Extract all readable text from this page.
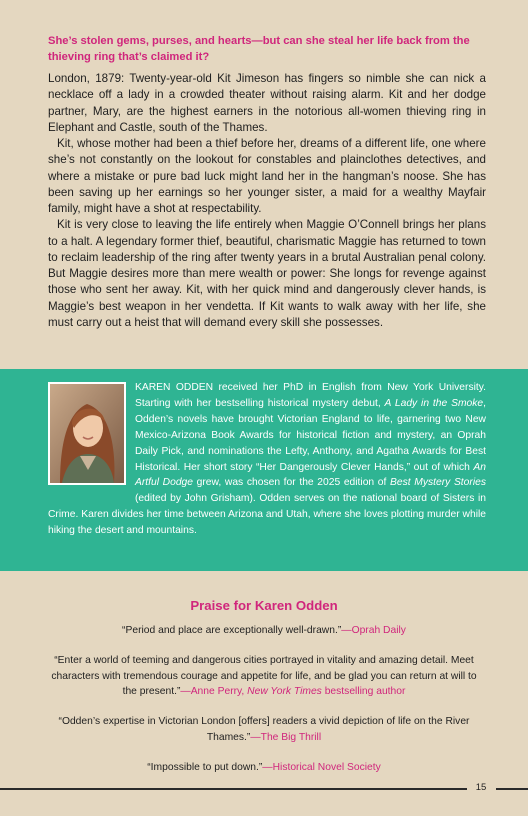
She’s stolen gems, purses, and hearts—but can she steal her life back from the thieving ring that’s claimed it?

London, 1879: Twenty-year-old Kit Jimeson has fingers so nimble she can nick a necklace off a lady in a crowded theater without raising alarm. Kit and her dodge partner, Mary, are the highest earners in the notorious all-women thieving ring in Elephant and Castle, south of the Thames.

Kit, whose mother had been a thief before her, dreams of a different life, one where she’s not constantly on the lookout for constables and plainclothes detectives, and where a mistake or pure bad luck might land her in the hangman’s noose. She has been saving up her earnings so her younger sister, a maid for a wealthy Mayfair family, might have a shot at respectability.

Kit is very close to leaving the life entirely when Maggie O’Connell brings her plans to a halt. A legendary former thief, beautiful, charismatic Maggie has returned to town to reclaim leadership of the ring after twenty years in a brutal Australian penal colony. But Maggie desires more than mere wealth or power: She longs for revenge against those who sent her away. Kit, with her quick mind and dangerously clever hands, is Maggie’s best weapon in her vendetta. If Kit wants to walk away with her life, she must carry out a heist that will demand every skill she possesses.

KAREN ODDEN received her PhD in English from New York University. Starting with her bestselling historical mystery debut, A Lady in the Smoke, Odden’s novels have brought Victorian England to life, garnering two New Mexico-Arizona Book Awards for historical fiction and mystery, an Oprah Daily Pick, and nominations the Lefty, Anthony, and Agatha Awards for Best Historical. Her short story “Her Dangerously Clever Hands,” out of which An Artful Dodge grew, was chosen for the 2025 edition of Best Mystery Stories (edited by John Grisham). Odden serves on the national board of Sisters in Crime. Karen divides her time between Arizona and Utah, where she loves plotting murder while hiking the desert and mountains.
Praise for Karen Odden

“Period and place are exceptionally well-drawn.”—Oprah Daily

“Enter a world of teeming and dangerous cities portrayed in vitality and amazing detail. Meet characters with tremendous courage and appetite for life, and be glad you can return at will to the present.”—Anne Perry, New York Times bestselling author

“Odden’s expertise in Victorian London [offers] readers a vivid depiction of life on the River Thames.”—The Big Thrill

“Impossible to put down.”—Historical Novel Society

15
